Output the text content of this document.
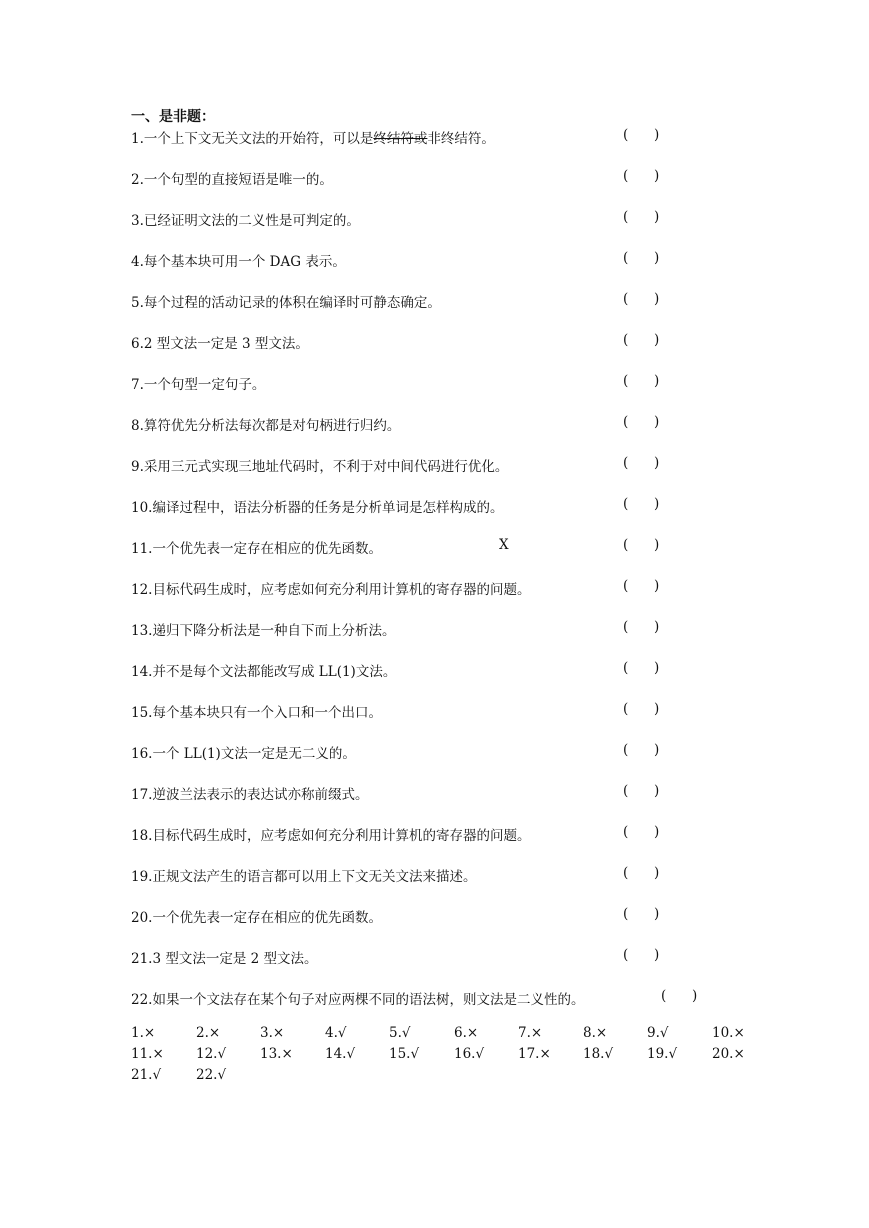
一、是非题：
1.一个上下文无关文法的开始符，可以是终结符或非终结符。	(      )
2.一个句型的直接短语是唯一的。	(      )
3.已经证明文法的二义性是可判定的。	(      )
4.每个基本块可用一个 DAG 表示。	(      )
5.每个过程的活动记录的体积在编译时可静态确定。	(      )
6.2 型文法一定是 3 型文法。	(      )
7.一个句型一定句子。	(      )
8.算符优先分析法每次都是对句柄进行归约。	(      )
9.采用三元式实现三地址代码时，不利于对中间代码进行优化。	(      )
10.编译过程中，语法分析器的任务是分析单词是怎样构成的。	(      )
11.一个优先表一定存在相应的优先函数。	X	(      )
12.目标代码生成时，应考虑如何充分利用计算机的寄存器的问题。	(      )
13.递归下降分析法是一种自下而上分析法。	(      )
14.并不是每个文法都能改写成 LL(1)文法。	(      )
15.每个基本块只有一个入口和一个出口。	(      )
16.一个 LL(1)文法一定是无二义的。	(      )
17.逆波兰法表示的表达试亦称前缀式。	(      )
18.目标代码生成时，应考虑如何充分利用计算机的寄存器的问题。	(      )
19.正规文法产生的语言都可以用上下文无关文法来描述。	(      )
20.一个优先表一定存在相应的优先函数。	(      )
21.3 型文法一定是 2 型文法。	(      )
22.如果一个文法存在某个句子对应两棵不同的语法树，则文法是二义性的。	(      )
1.×	2.×	3.×	4.√	5.√	6.×	7.×	8.×	9.√	10.×
11.× 12.√	13.× 14.√	15.√	16.√	17.× 18.√	19.√	20.×
21.√	22.√
